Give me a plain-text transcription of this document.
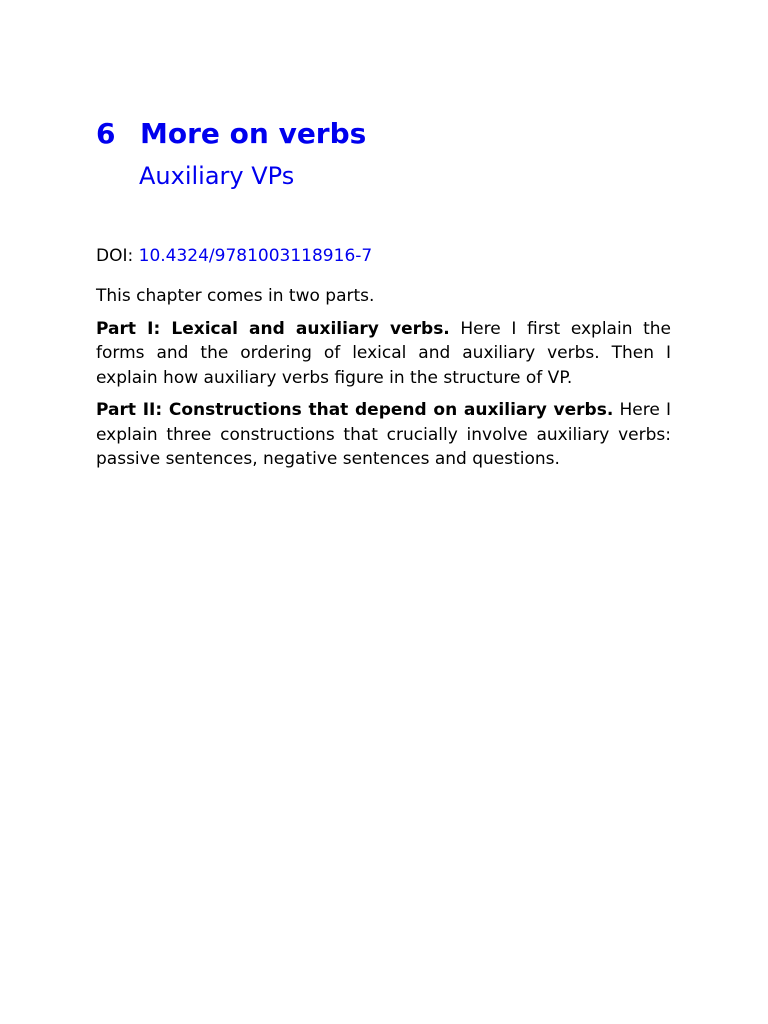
6 More on verbs
Auxiliary VPs
DOI: 10.4324/9781003118916-7

This chapter comes in two parts.

Part I: Lexical and auxiliary verbs. Here I first explain the forms and the ordering of lexical and auxiliary verbs. Then I explain how auxiliary verbs figure in the structure of VP.

Part II: Constructions that depend on auxiliary verbs. Here I explain three constructions that crucially involve auxiliary verbs: passive sentences, negative sentences and questions.
